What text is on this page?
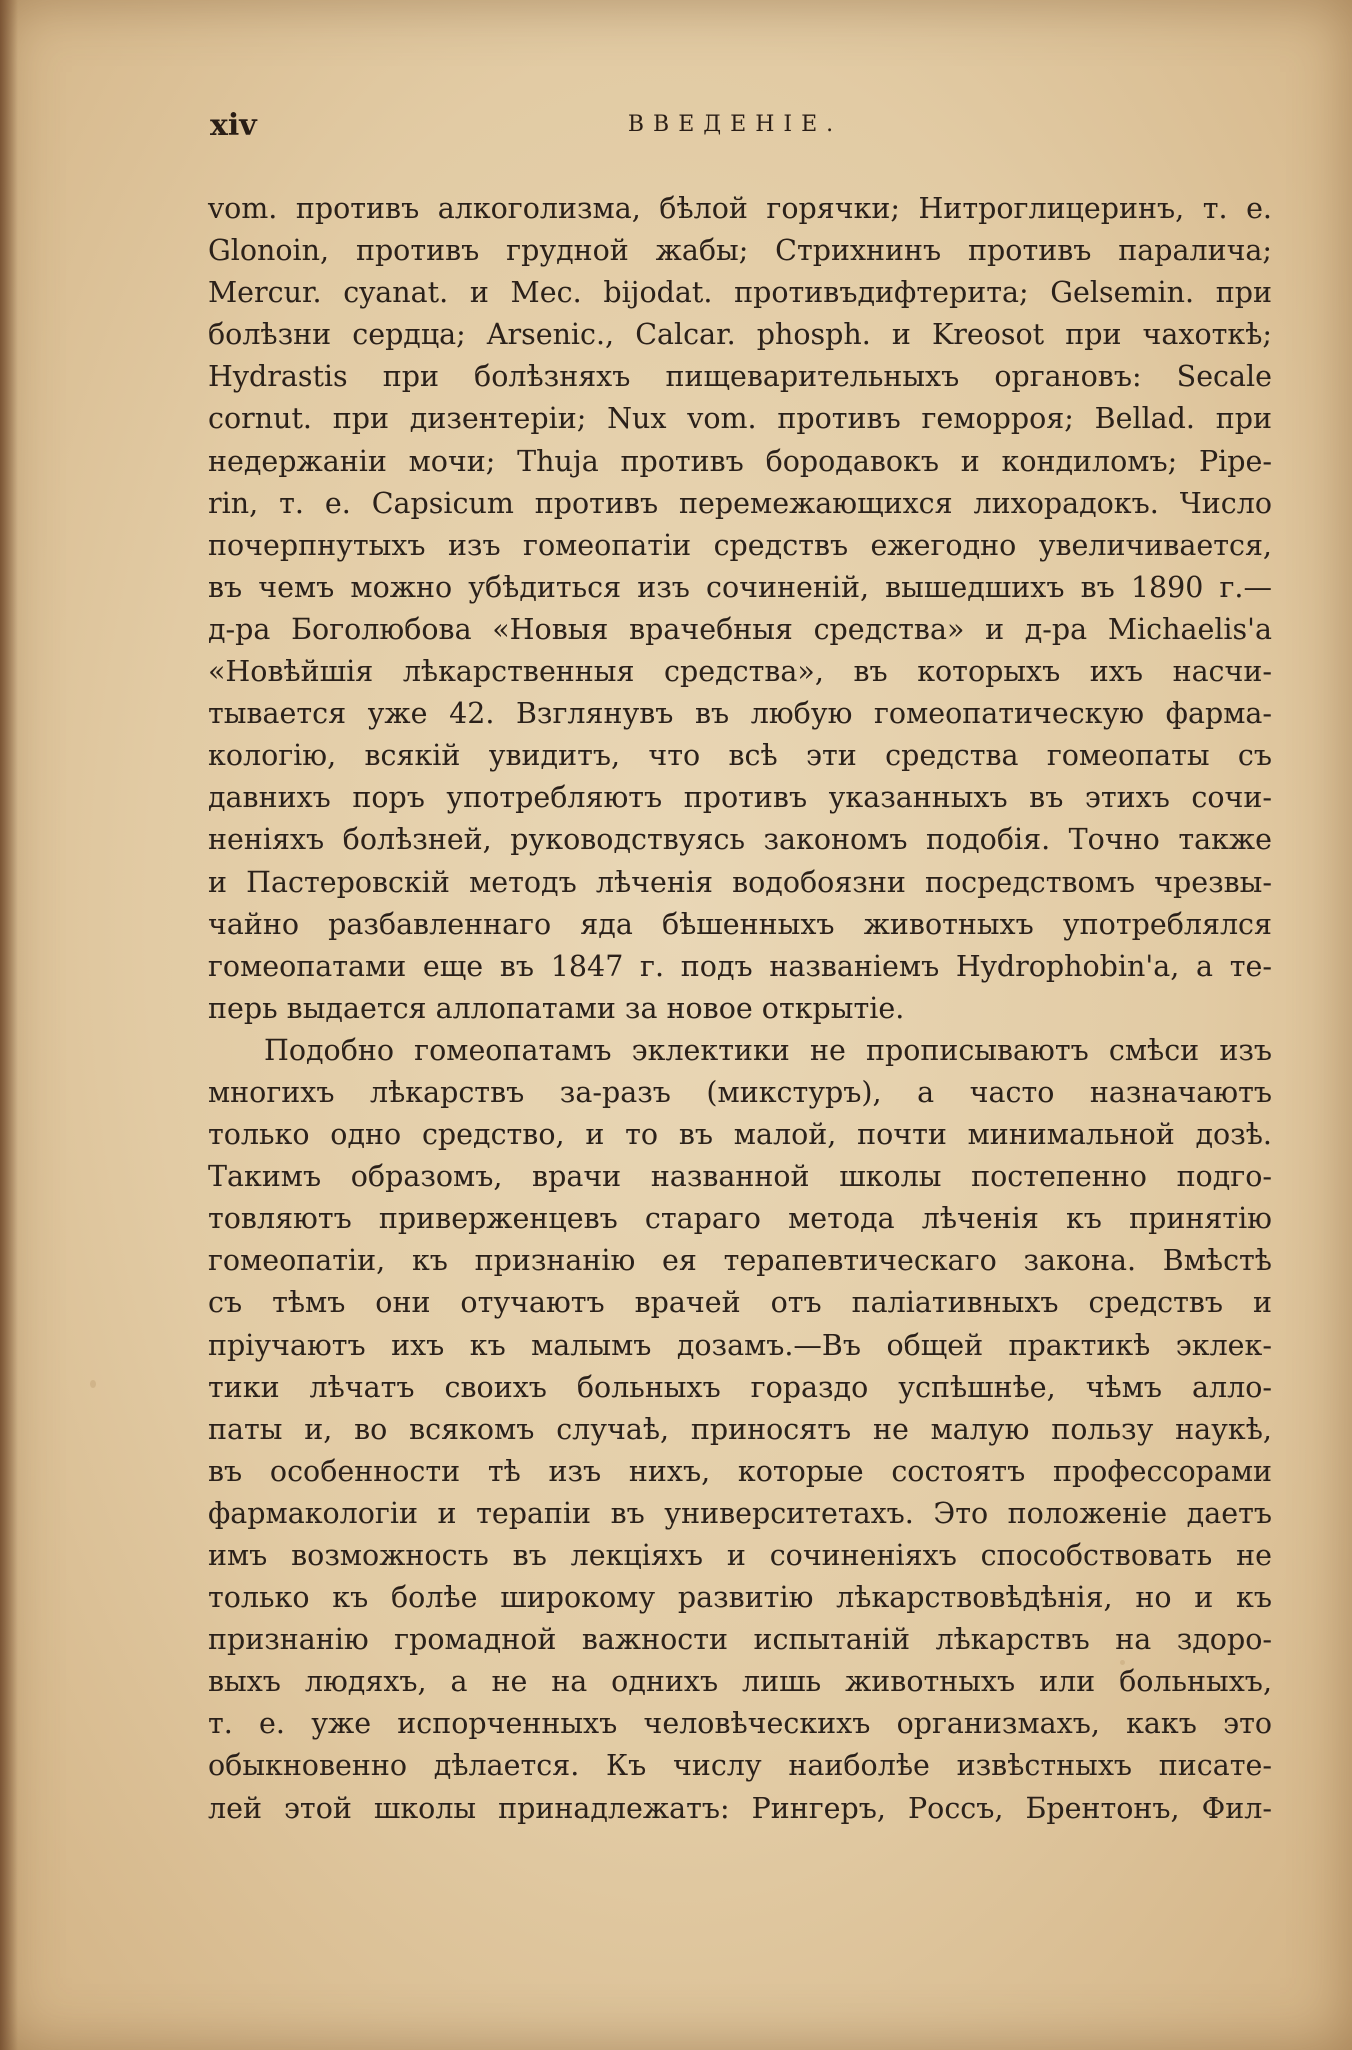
xiv	ВВЕДЕНІЕ.
vom. противъ алкоголизма, бѣлой горячки; Нитроглицеринъ, т. е.
Glonoin, противъ грудной жабы; Стрихнинъ противъ паралича;
Mercur. cyanat. и Mec. bijodat. противъдифтерита; Gelsemin. при
болѣзни сердца; Arsenic., Calcar. phosph. и Kreosot при чахоткѣ;
Hydrastis при болѣзняхъ пищеварительныхъ органовъ: Secale
cornut. при дизентеріи; Nux vom. противъ геморроя; Bellad. при
недержаніи мочи; Thuja противъ бородавокъ и кондиломъ; Pipe-
rin, т. е. Capsicum противъ перемежающихся лихорадокъ. Число
почерпнутыхъ изъ гомеопатіи средствъ ежегодно увеличивается,
въ чемъ можно убѣдиться изъ сочиненій, вышедшихъ въ 1890 г.—
д-ра Боголюбова «Новыя врачебныя средства» и д-ра Michaelis'а
«Новѣйшія лѣкарственныя средства», въ которыхъ ихъ насчи-
тывается уже 42. Взглянувъ въ любую гомеопатическую фарма-
кологію, всякій увидитъ, что всѣ эти средства гомеопаты съ
давнихъ поръ употребляютъ противъ указанныхъ въ этихъ сочи-
неніяхъ болѣзней, руководствуясь закономъ подобія. Точно также
и Пастеровскій методъ лѣченія водобоязни посредствомъ чрезвы-
чайно разбавленнаго яда бѣшенныхъ животныхъ употреблялся
гомеопатами еще въ 1847 г. подъ названіемъ Hydrophobin'а, а те-
перь выдается аллопатами за новое открытіе.
Подобно гомеопатамъ эклектики не прописываютъ смѣси изъ
многихъ лѣкарствъ за-разъ (микстуръ), а часто назначаютъ
только одно средство, и то въ малой, почти минимальной дозѣ.
Такимъ образомъ, врачи названной школы постепенно подго-
товляютъ приверженцевъ стараго метода лѣченія къ принятію
гомеопатіи, къ признанію ея терапевтическаго закона. Вмѣстѣ
съ тѣмъ они отучаютъ врачей отъ паліативныхъ средствъ и
пріучаютъ ихъ къ малымъ дозамъ.—Въ общей практикѣ эклек-
тики лѣчатъ своихъ больныхъ гораздо успѣшнѣе, чѣмъ алло-
паты и, во всякомъ случаѣ, приносятъ не малую пользу наукѣ,
въ особенности тѣ изъ нихъ, которые состоятъ профессорами
фармакологіи и терапіи въ университетахъ. Это положеніе даетъ
имъ возможность въ лекціяхъ и сочиненіяхъ способствовать не
только къ болѣе широкому развитію лѣкарствовѣдѣнія, но и къ
признанію громадной важности испытаній лѣкарствъ на здоро-
выхъ людяхъ, а не на однихъ лишь животныхъ или больныхъ,
т. е. уже испорченныхъ человѣческихъ организмахъ, какъ это
обыкновенно дѣлается. Къ числу наиболѣе извѣстныхъ писате-
лей этой школы принадлежатъ: Рингеръ, Россъ, Брентонъ, Фил-
